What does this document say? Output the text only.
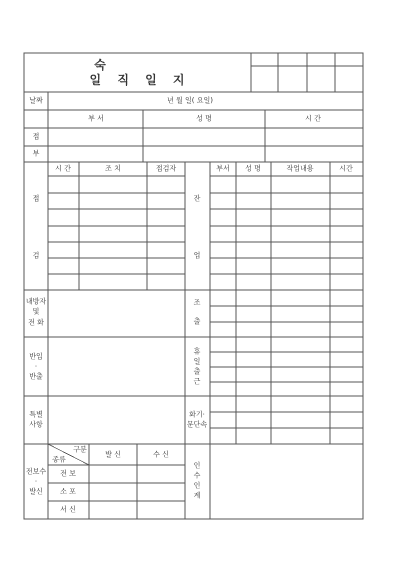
숙
일 직 일 지
날짜	년 월 일( 요일)
부 서	성 명	시 간
접
부
접
검
시 간	조 치	접검자
잔
업
부서 성 명	작업내용	시간
내방자
및
전 화
반입
·
반출
특별
사항
조
출
휴
일
출
근
화기·
문단속
전보수
·
발신
구분
종류
발 신	수 신
전 보
소 포
서 신
인
수
인
계
